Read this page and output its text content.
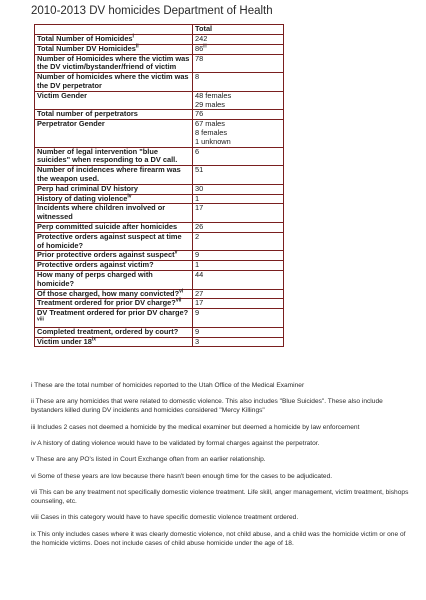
2010-2013 DV homicides Department of Health
	Total
Total Number of Homicides$^i$	242

Total Number DV Homicides$^{ii}$	86$^{iii}$

Number of Homicides where the victim was the DV victim/bystander/friend of victim	78

Number of homicides where the victim was the DV perpetrator	8

Victim Gender	48 females
29 males

Total number of perpetrators	76

Perpetrator Gender	67 males
8 females
1 unknown

Number of legal intervention "blue suicides" when responding to a DV call.	6

Number of incidences where firearm was the weapon used.	51

Perp had criminal DV history	30

History of dating violence$^{iv}$	1

Incidents where children involved or witnessed	17

Perp committed suicide after homicides	26

Protective orders against suspect at time of homicide?	2

Prior protective orders against suspect$^v$	9

Protective orders against victim?	1

How many of perps charged with homicide?	44

Of those charged, how many convicted?$^{vi}$	27

Treatment ordered for prior DV charge?$^{vii}$	17

DV Treatment ordered for prior DV charge?$^{viii}$	9

Completed treatment, ordered by court?	9

Victim under 18$^{ix}$	3

i These are the total number of homicides reported to the Utah Office of the Medical Examiner

ii These are any homicides that were related to domestic violence. This also includes "Blue Suicides". These also include bystanders killed during DV incidents and homicides considered "Mercy Killings"

iii Includes 2 cases not deemed a homicide by the medical examiner but deemed a homicide by law enforcement

iv A history of dating violence would have to be validated by formal charges against the perpetrator.

v These are any PO's listed in Court Exchange often from an earlier relationship.

vi Some of these years are low because there hasn't been enough time for the cases to be adjudicated.

vii This can be any treatment not specifically domestic violence treatment. Life skill, anger management, victim treatment, bishops counseling, etc.

viii Cases in this category would have to have specific domestic violence treatment ordered.

ix This only includes cases where it was clearly domestic violence, not child abuse, and a child was the homicide victim or one of the homicide victims. Does not include cases of child abuse homicide under the age of 18.
